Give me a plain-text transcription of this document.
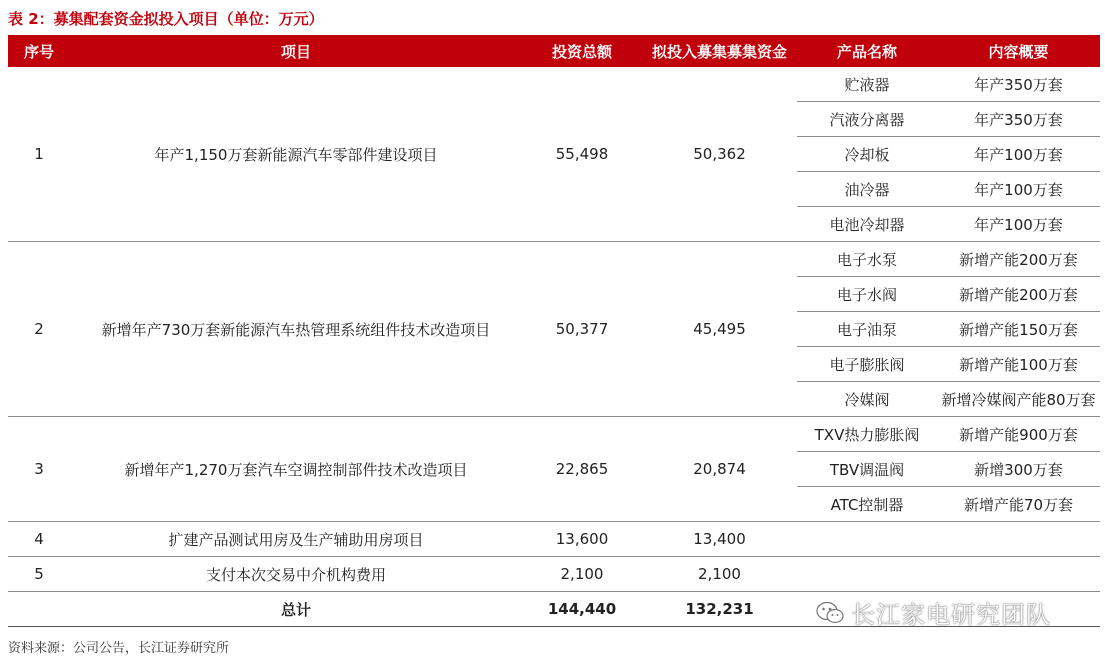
表 2：募集配套资金拟投入项目（单位：万元）
序号	项目	投资总额	拟投入募集募集资金	产品名称	内容概要
1	年产1,150万套新能源汽车零部件建设项目	55,498	50,362	贮液器	年产350万套
				汽液分离器	年产350万套
				冷却板	年产100万套
				油冷器	年产100万套
				电池冷却器	年产100万套
2	新增年产730万套新能源汽车热管理系统组件技术改造项目	50,377	45,495	电子水泵	新增产能200万套
				电子水阀	新增产能200万套
				电子油泵	新增产能150万套
				电子膨胀阀	新增产能100万套
				冷媒阀	新增冷媒阀产能80万套
3	新增年产1,270万套汽车空调控制部件技术改造项目	22,865	20,874	TXV热力膨胀阀	新增产能900万套
				TBV调温阀	新增300万套
				ATC控制器	新增产能70万套
4	扩建产品测试用房及生产辅助用房项目	13,600	13,400		
5	支付本次交易中介机构费用	2,100	2,100		
	总计	144,440	132,231			长江家电研究团队
资料来源：公司公告，长江证券研究所
